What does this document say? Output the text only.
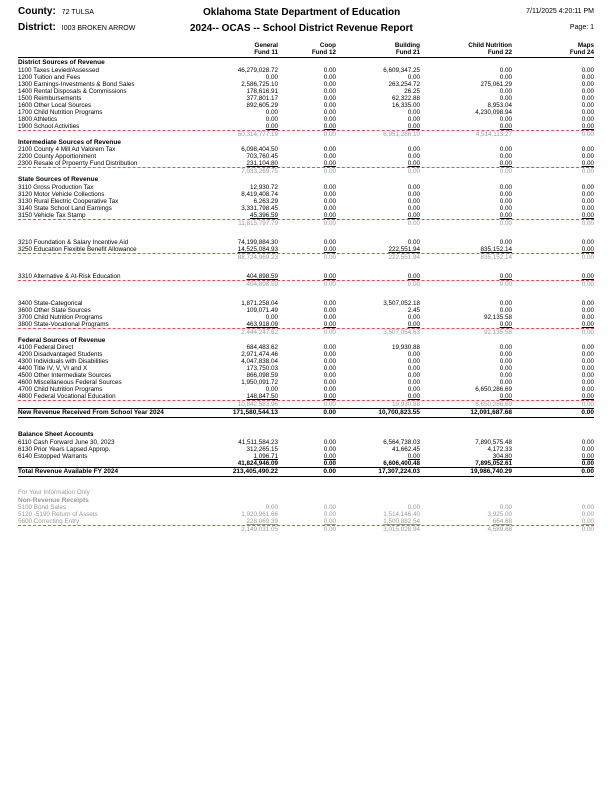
County: 72 TULSA
District: I003 BROKEN ARROW
Oklahoma State Department of Education
2024-- OCAS -- School District Revenue Report
7/11/2025 4:20:11 PM
Page: 1
General
Fund 11
Coop
Fund 12
Building
Fund 21
Child Nutrition
Fund 22
Maps
Fund 24
District Sources of Revenue
1100 Taxes Levied/Assessed	46,279,028.72	0.00	6,609,347.25	0.00	0.00
1200 Tuition and Fees	0.00	0.00	0.00	0.00	0.00
1300 Earnings-Investments & Bond Sales	2,586,725.10	0.00	263,254.72	275,061.29	0.00
1400 Rental Disposals & Commissions	178,616.91	0.00	26.25	0.00	0.00
1500 Reimbursements	377,801.17	0.00	62,322.88	0.00	0.00
1600 Other Local Sources	892,605.29	0.00	16,335.00	8,953.04	0.00
1700 Child Nutrition Programs	0.00	0.00	0.00	4,230,098.94	0.00
1800 Athletics	0.00	0.00	0.00	0.00	0.00
1900 School Activities	0.00	0.00	0.00	0.00	0.00
50,314,777.19	0.00	6,951,286.10	4,514,113.27	0.00
Intermediate Sources of Revenue
2100 County 4 Mill Ad Valorem Tax	6,098,404.50	0.00	0.00	0.00	0.00
2200 County Apportionment	703,760.45	0.00	0.00	0.00	0.00
2300 Resale of Prpoerrty Fund Distribution	231,104.80	0.00	0.00	0.00	0.00
7,033,269.75	0.00	0.00	0.00	0.00
State Sources of Revenue
3110 Gross Production Tax	12,930.72	0.00	0.00	0.00	0.00
3120 Motor Vehicle Collections	8,419,408.74	0.00	0.00	0.00	0.00
3130 Rural Electric Cooperative Tax	6,263.29	0.00	0.00	0.00	0.00
3140 State School Land Earnings	3,331,798.45	0.00	0.00	0.00	0.00
3150 Vehicle Tax Stamp	45,396.59	0.00	0.00	0.00	0.00
11,815,797.79	0.00	0.00	0.00	0.00
3210 Foundation & Salary Incentive Aid	74,199,884.30	0.00	0.00	0.00	0.00
3250 Education Flexible Benefit Allowance	14,525,084.93	0.00	222,551.94	835,152.14	0.00
88,724,969.23	0.00	222,551.94	835,152.14	0.00
3310 Alternative & At-Risk Education	404,898.59	0.00	0.00	0.00	0.00
404,898.59	0.00	0.00	0.00	0.00
3400 State-Categorical	1,871,258.04	0.00	3,507,052.18	0.00	0.00
3600 Other State Sources	109,071.49	0.00	2.45	0.00	0.00
3700 Child Nutrition Programs	0.00	0.00	0.00	92,135.58	0.00
3800 State-Vocational Programs	463,918.09	0.00	0.00	0.00	0.00
2,444,247.62	0.00	3,507,054.63	92,135.58	0.00
Federal Sources of Revenue
4100 Federal Direct	684,483.62	0.00	19,930.88	0.00	0.00
4200 Disadvantaged Students	2,971,474.46	0.00	0.00	0.00	0.00
4300 Individuals with Disabilities	4,047,838.04	0.00	0.00	0.00	0.00
4400 Title IV, V, VI and X	173,750.03	0.00	0.00	0.00	0.00
4500 Other Intermediate Sources	866,098.59	0.00	0.00	0.00	0.00
4600 Miscellaneous Federal Sources	1,950,091.72	0.00	0.00	0.00	0.00
4700 Child Nutrition Programs	0.00	0.00	0.00	6,650,286.69	0.00
4800 Federal Vocational Education	148,847.50	0.00	0.00	0.00	0.00
10,842,583.96	0.00	19,930.88	6,650,286.69	0.00
New Revenue Received From School Year 2024	171,580,544.13	0.00	10,700,823.55	12,091,687.68	0.00
Balance Sheet Accounts
6110 Cash Forward June 30, 2023	41,511,584.23	0.00	6,564,738.03	7,890,575.48	0.00
6130 Prior Years Lapsed Approp.	312,265.15	0.00	41,662.45	4,172.33	0.00
6140 Estopped Warrants	1,096.71	0.00	0.00	304.80	0.00
41,824,946.09	0.00	6,606,400.48	7,895,052.61	0.00
Total Revenue Available FY 2024	213,405,490.22	0.00	17,307,224.03	19,986,740.29	0.00
For Your Information Only
Non-Revenue Receipts
5100 Bond Sales	0.00	0.00	0.00	0.00	0.00
5120 -5190 Return of Assets	1,920,961.66	0.00	1,514,146.40	3,925.00	0.00
5600 Correcting Entry	228,069.39	0.00	1,500,882.54	664.68	0.00
2,149,031.05	0.00	3,015,028.94	4,589.68	0.00
